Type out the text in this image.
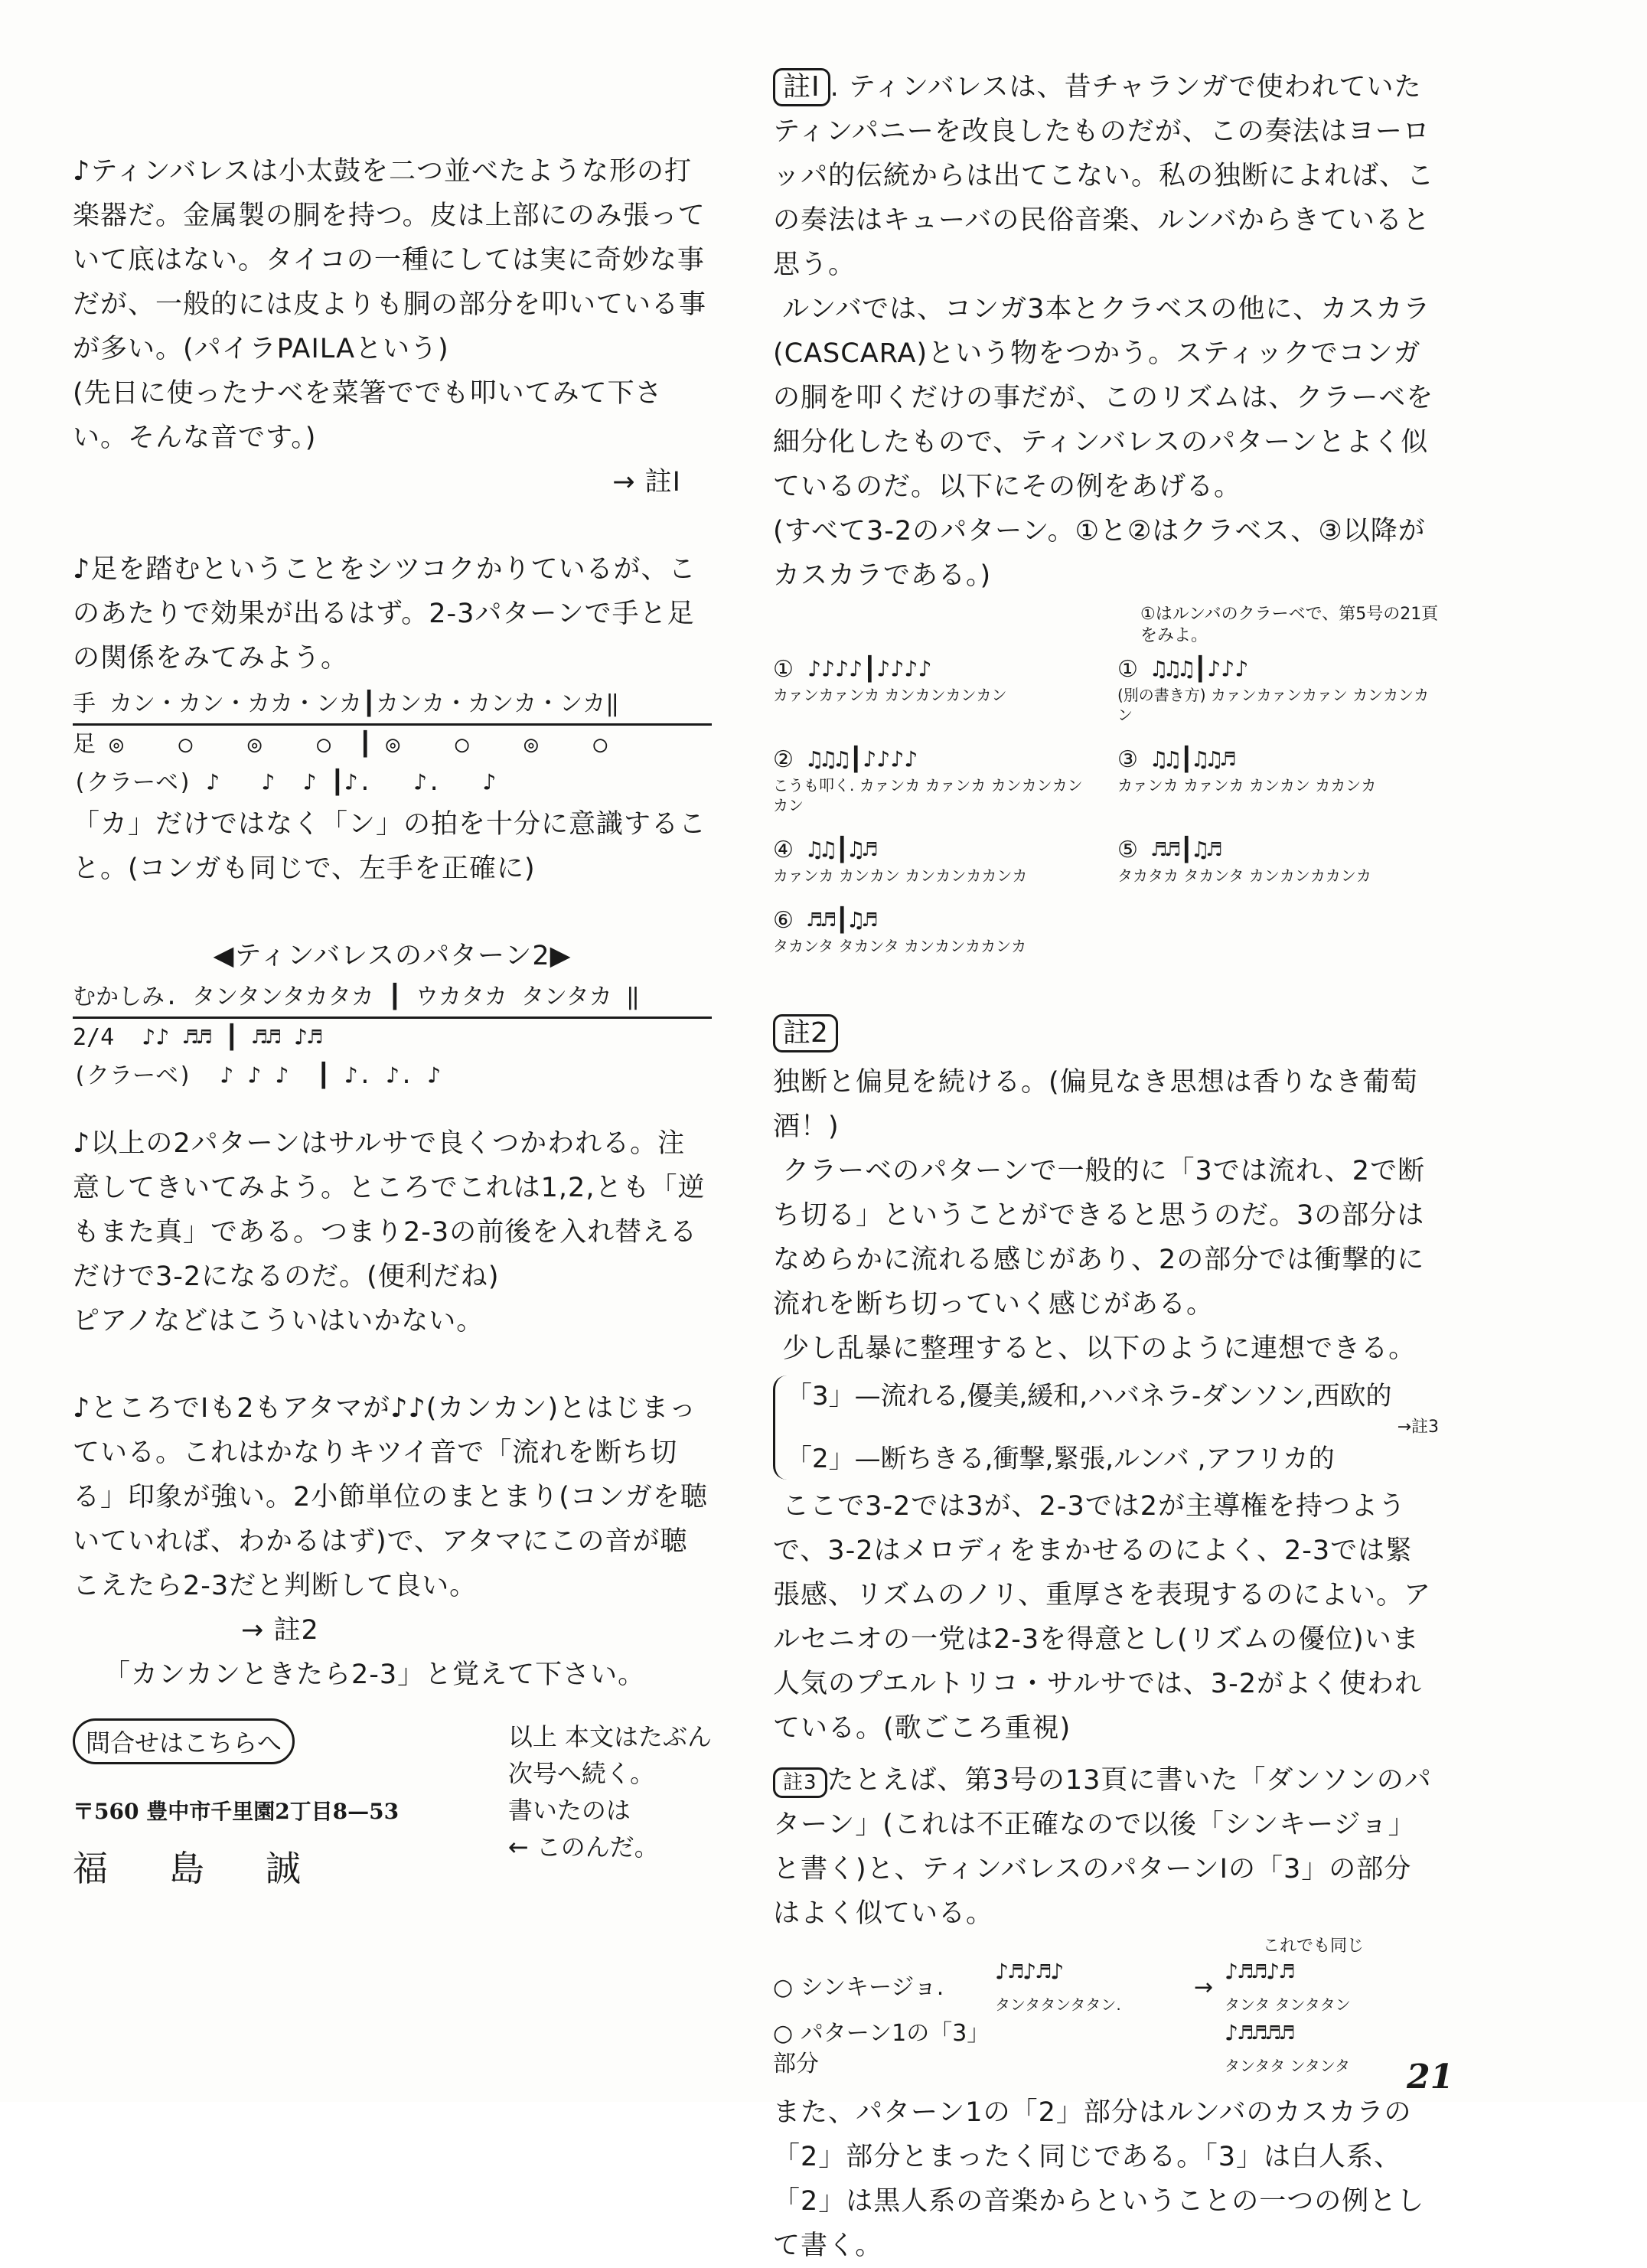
♪ティンバレスは小太鼓を二つ並べたような形の打楽器だ。金属製の胴を持つ。皮は上部にのみ張っていて底はない。タイコの一種にしては実に奇妙な事だが、一般的には皮よりも胴の部分を叩いている事が多い。(パイラPAILAという)
(先日に使ったナベを菜箸ででも叩いてみて下さい。そんな音です。)

→ 註Ⅰ

♪足を踏むということをシツコクかりているが、このあたりで効果が出るはず。2-3パターンで手と足の関係をみてみよう。

手 カン・カン・カカ・ンカ┃カンカ・カンカ・ンカ‖

足 ◎    ○    ◎    ○  ┃ ◎    ○    ◎    ○

(クラーベ) ♪   ♪  ♪ ┃♪.   ♪.   ♪

「カ」だけではなく「ン」の拍を十分に意識すること。(コンガも同じで、左手を正確に)

◀ティンバレスのパターン2▶

むかしみ. タンタンタカタカ ┃ ウカタカ タンタカ ‖

2/4  ♪♪ ♬♬ ┃ ♬♬ ♪♬

(クラーベ)  ♪ ♪ ♪  ┃ ♪. ♪. ♪

♪以上の2パターンはサルサで良くつかわれる。注意してきいてみよう。ところでこれは1,2,とも「逆もまた真」である。つまり2-3の前後を入れ替えるだけで3-2になるのだ。(便利だね)
ピアノなどはこういはいかない。

♪ところでⅠも2もアタマが♪♪(カンカン)とはじまっている。これはかなりキツイ音で「流れを断ち切る」印象が強い。2小節単位のまとまり(コンガを聴いていれば、わかるはず)で、アタマにこの音が聴こえたら2-3だと判断して良い。

→ 註2

「カンカンときたら2-3」と覚えて下さい。

問合せはこちらへ
〒560 豊中市千里園2丁目8—53
福島誠
以上 本文はたぶん
次号へ続く。
書いたのは
← このんだ。

註Ⅰ . ティンバレスは、昔チャランガで使われていたティンパニーを改良したものだが、この奏法はヨーロッパ的伝統からは出てこない。私の独断によれば、この奏法はキューバの民俗音楽、ルンバからきていると思う。
ルンバでは、コンガ3本とクラベスの他に、カスカラ(CASCARA)という物をつかう。スティックでコンガの胴を叩くだけの事だが、このリズムは、クラーベを細分化したもので、ティンバレスのパターンとよく似ているのだ。以下にその例をあげる。
(すべて3-2のパターン。①と②はクラベス、③以降がカスカラである。)

①はルンバのクラーベで、第5号の21頁をみよ。

① ♪♪♪♪┃♪♪♪♪
カァンカァンカ カンカンカンカン
① ♫♫♫┃♪♪♪
(別の書き方) カァンカァンカァン カンカンカン
② ♫♫♫┃♪♪♪♪
こうも叩く. カァンカ カァンカ カンカンカンカン
③ ♫♫┃♫♫♬
カァンカ カァンカ カンカン カカンカ
④ ♫♫┃♫♬
カァンカ カンカン カンカンカカンカ
⑤ ♬♬┃♫♬
タカタカ タカンタ カンカンカカンカ
⑥ ♬♬┃♫♬
タカンタ タカンタ カンカンカカンカ
註2

独断と偏見を続ける。(偏見なき思想は香りなき葡萄酒！)
クラーベのパターンで一般的に「3では流れ、2で断ち切る」ということができると思うのだ。3の部分はなめらかに流れる感じがあり、2の部分では衝撃的に流れを断ち切っていく感じがある。
少し乱暴に整理すると、以下のように連想できる。

「3」—流れる,優美,緩和,ハバネラ-ダンソン,西欧的

→註3

「2」—断ちきる,衝撃,緊張,ルンバ ,アフリカ的

ここで3-2では3が、2-3では2が主導権を持つようで、3-2はメロディをまかせるのによく、2-3では緊張感、リズムのノリ、重厚さを表現するのによい。アルセニオの一党は2-3を得意とし(リズムの優位)いま人気のプエルトリコ・サルサでは、3-2がよく使われている。(歌ごころ重視)

註3 たとえば、第3号の13頁に書いた「ダンソンのパターン」(これは不正確なので以後「シンキージョ」と書く)と、ティンバレスのパターンⅠの「3」の部分はよく似ている。

これでも同じ
○ シンキージョ.
♪♬♪♬♪
タンタタンタタン.
→
♪♬♬♪♬
タンタ タンタタン
○ パターン1の「3」部分
♪♬♬♬♬
タンタタ ンタンタ

また、パターン1の「2」部分はルンバのカスカラの「2」部分とまったく同じである。「3」は白人系、「2」は黒人系の音楽からということの一つの例として書く。

21
